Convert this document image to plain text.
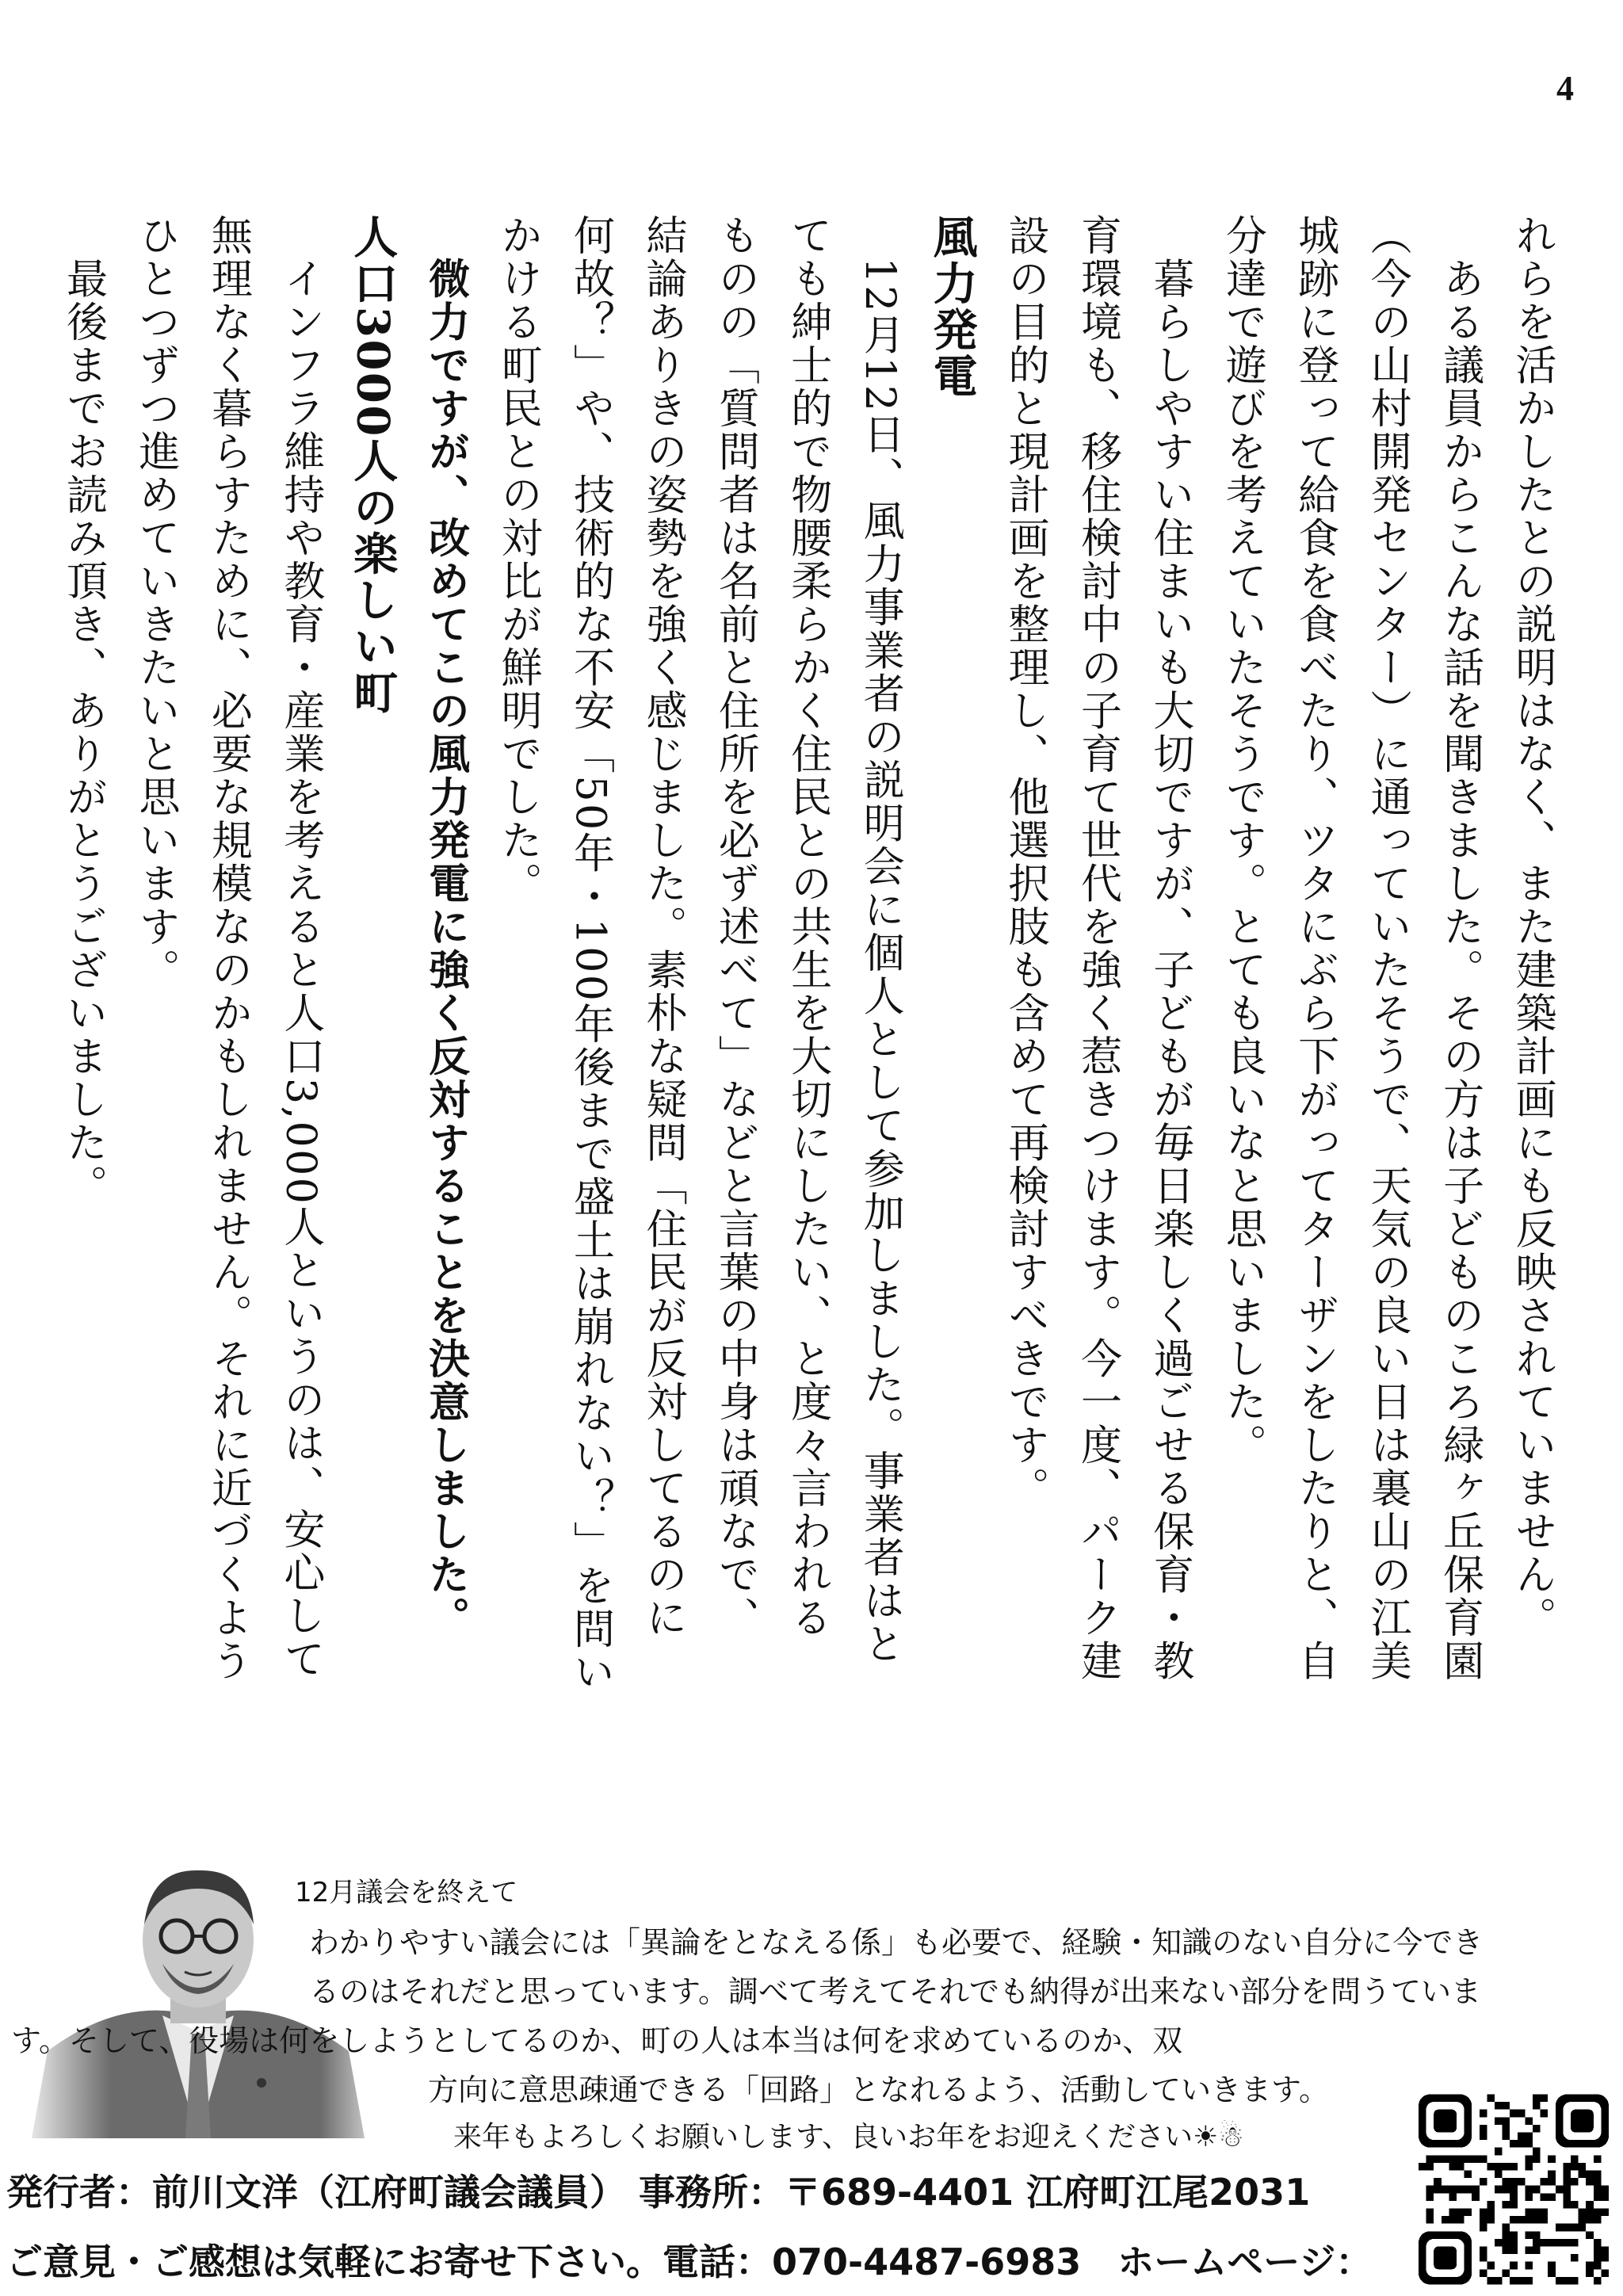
4
れらを活かしたとの説明はなく、また建築計画にも反映されていません。
ある議員からこんな話を聞きました。その方は子どものころ緑ヶ丘保育園
（今の山村開発センター）に通っていたそうで、天気の良い日は裏山の江美
城跡に登って給食を食べたり、ツタにぶら下がってターザンをしたりと、自
分達で遊びを考えていたそうです。とても良いなと思いました。
暮らしやすい住まいも大切ですが、子どもが毎日楽しく過ごせる保育・教
育環境も、移住検討中の子育て世代を強く惹きつけます。今一度、パーク建
設の目的と現計画を整理し、他選択肢も含めて再検討すべきです。
風力発電
12月12日、風力事業者の説明会に個人として参加しました。事業者はと
ても紳士的で物腰柔らかく住民との共生を大切にしたい、と度々言われる
ものの「質問者は名前と住所を必ず述べて」などと言葉の中身は頑なで、
結論ありきの姿勢を強く感じました。素朴な疑問「住民が反対してるのに
何故？」や、技術的な不安「50年・100年後まで盛土は崩れない？」を問い
かける町民との対比が鮮明でした。
微力ですが、改めてこの風力発電に強く反対することを決意しました。
人口3000人の楽しい町
インフラ維持や教育・産業を考えると人口3,000人というのは、安心して
無理なく暮らすために、必要な規模なのかもしれません。それに近づくよう
ひとつずつ進めていきたいと思います。
最後までお読み頂き、ありがとうございました。
12月議会を終えて
わかりやすい議会には「異論をとなえる係」も必要で、経験・知識のない自分に今でき
るのはそれだと思っています。調べて考えてそれでも納得が出来ない部分を問うていま
す。そして、役場は何をしようとしてるのか、町の人は本当は何を求めているのか、双
方向に意思疎通できる「回路」となれるよう、活動していきます。
来年もよろしくお願いします、良いお年をお迎えください☀☃
発行者：前川文洋（江府町議会議員） 事務所：〒689-4401 江府町江尾2031
ご意見・ご感想は気軽にお寄せ下さい。電話：070-4487-6983　ホームページ：
